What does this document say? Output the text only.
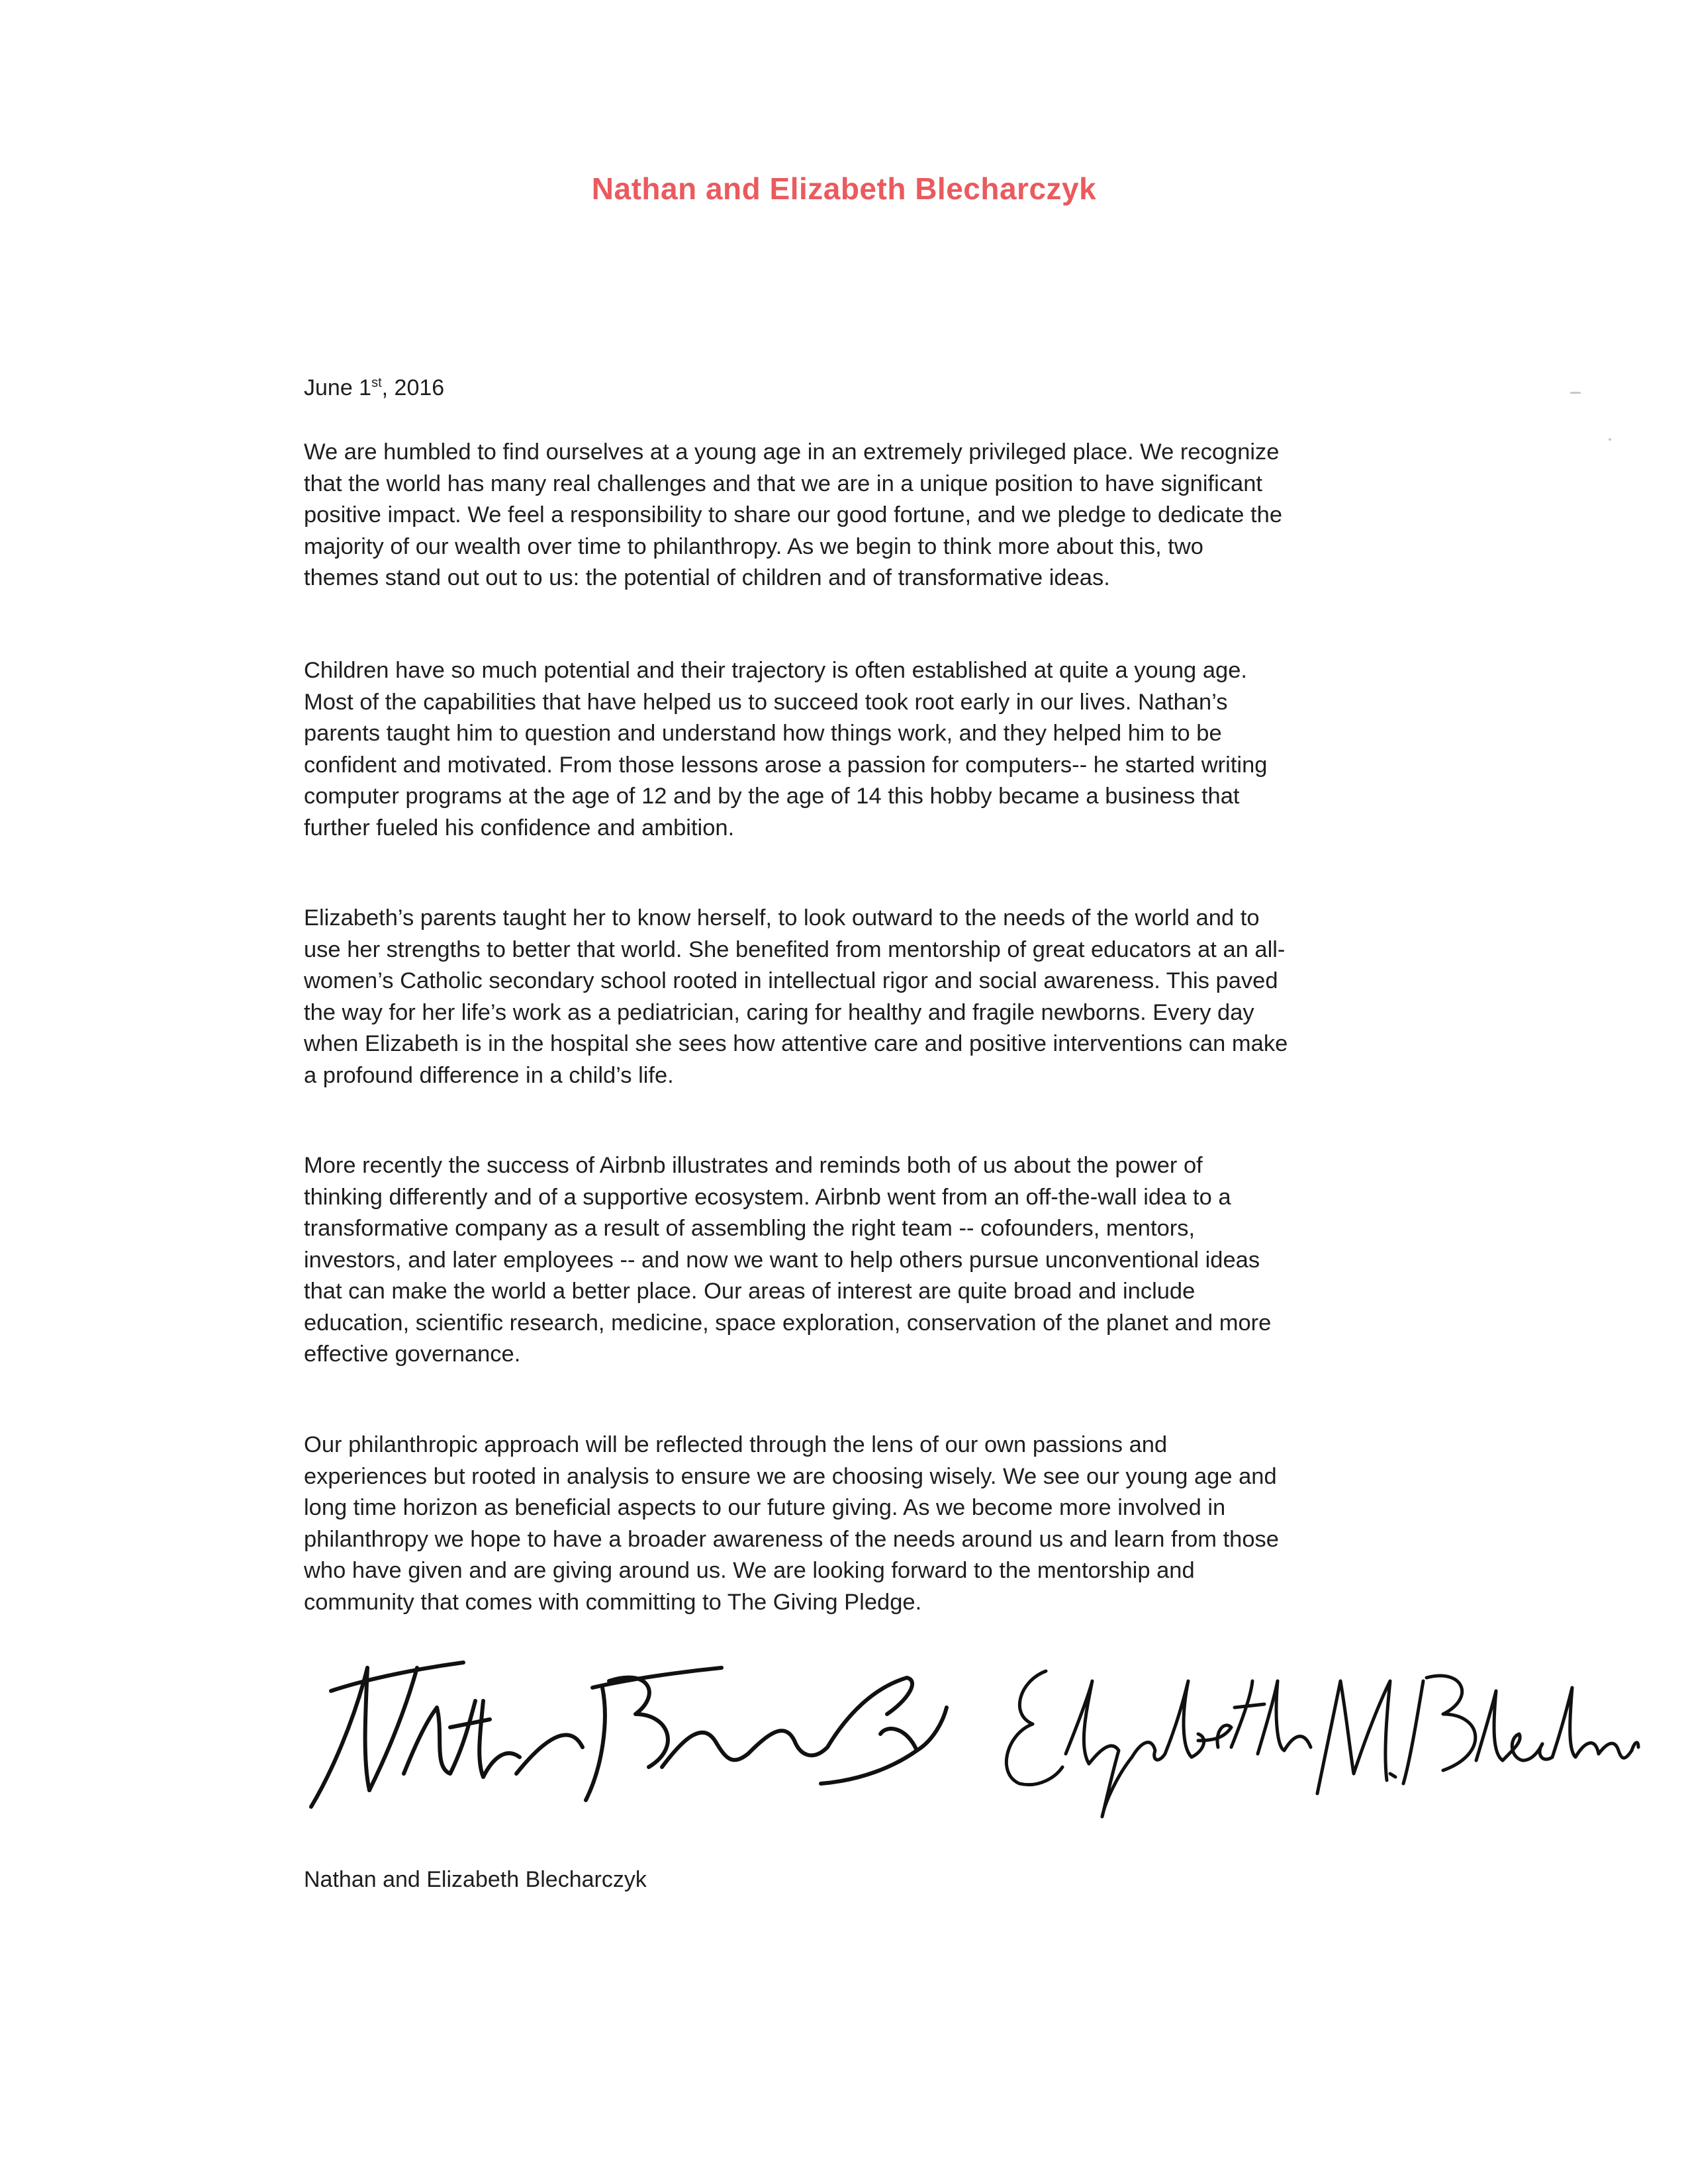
Nathan and Elizabeth Blecharczyk
June 1st, 2016

We are humbled to find ourselves at a young age in an extremely privileged place. We recognize
that the world has many real challenges and that we are in a unique position to have significant
positive impact. We feel a responsibility to share our good fortune, and we pledge to dedicate the
majority of our wealth over time to philanthropy. As we begin to think more about this, two
themes stand out out to us: the potential of children and of transformative ideas.

Children have so much potential and their trajectory is often established at quite a young age.
Most of the capabilities that have helped us to succeed took root early in our lives. Nathan’s
parents taught him to question and understand how things work, and they helped him to be
confident and motivated. From those lessons arose a passion for computers-- he started writing
computer programs at the age of 12 and by the age of 14 this hobby became a business that
further fueled his confidence and ambition.

Elizabeth’s parents taught her to know herself, to look outward to the needs of the world and to
use her strengths to better that world. She benefited from mentorship of great educators at an all-
women’s Catholic secondary school rooted in intellectual rigor and social awareness. This paved
the way for her life’s work as a pediatrician, caring for healthy and fragile newborns. Every day
when Elizabeth is in the hospital she sees how attentive care and positive interventions can make
a profound difference in a child’s life.

More recently the success of Airbnb illustrates and reminds both of us about the power of
thinking differently and of a supportive ecosystem. Airbnb went from an off-the-wall idea to a
transformative company as a result of assembling the right team -- cofounders, mentors,
investors, and later employees -- and now we want to help others pursue unconventional ideas
that can make the world a better place. Our areas of interest are quite broad and include
education, scientific research, medicine, space exploration, conservation of the planet and more
effective governance.

Our philanthropic approach will be reflected through the lens of our own passions and
experiences but rooted in analysis to ensure we are choosing wisely. We see our young age and
long time horizon as beneficial aspects to our future giving. As we become more involved in
philanthropy we hope to have a broader awareness of the needs around us and learn from those
who have given and are giving around us. We are looking forward to the mentorship and
community that comes with committing to The Giving Pledge.

Nathan and Elizabeth Blecharczyk
